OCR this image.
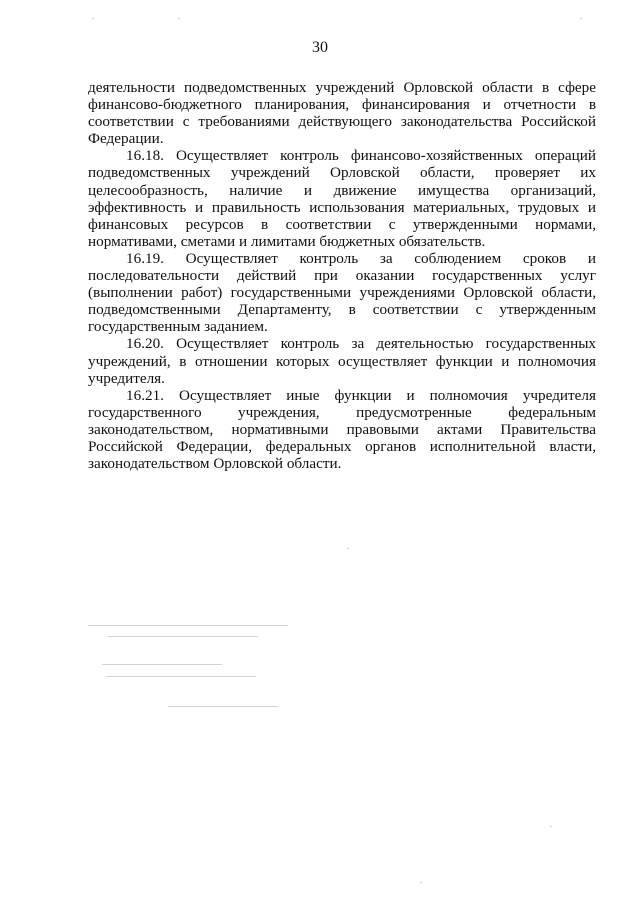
30

деятельности подведомственных учреждений Орловской области в сфере финансово-бюджетного планирования, финансирования и отчетности в соответствии с требованиями действующего законодательства Российской Федерации.

16.18. Осуществляет контроль финансово-хозяйственных операций подведомственных учреждений Орловской области, проверяет их целесообразность, наличие и движение имущества организаций, эффективность и правильность использования материальных, трудовых и финансовых ресурсов в соответствии с утвержденными нормами, нормативами, сметами и лимитами бюджетных обязательств.

16.19. Осуществляет контроль за соблюдением сроков и последовательности действий при оказании государственных услуг (выполнении работ) государственными учреждениями Орловской области, подведомственными Департаменту, в соответствии с утвержденным государственным заданием.

16.20. Осуществляет контроль за деятельностью государственных учреждений, в отношении которых осуществляет функции и полномочия учредителя.

16.21. Осуществляет иные функции и полномочия учредителя государственного учреждения, предусмотренные федеральным законодательством, нормативными правовыми актами Правительства Российской Федерации, федеральных органов исполнительной власти, законодательством Орловской области.
